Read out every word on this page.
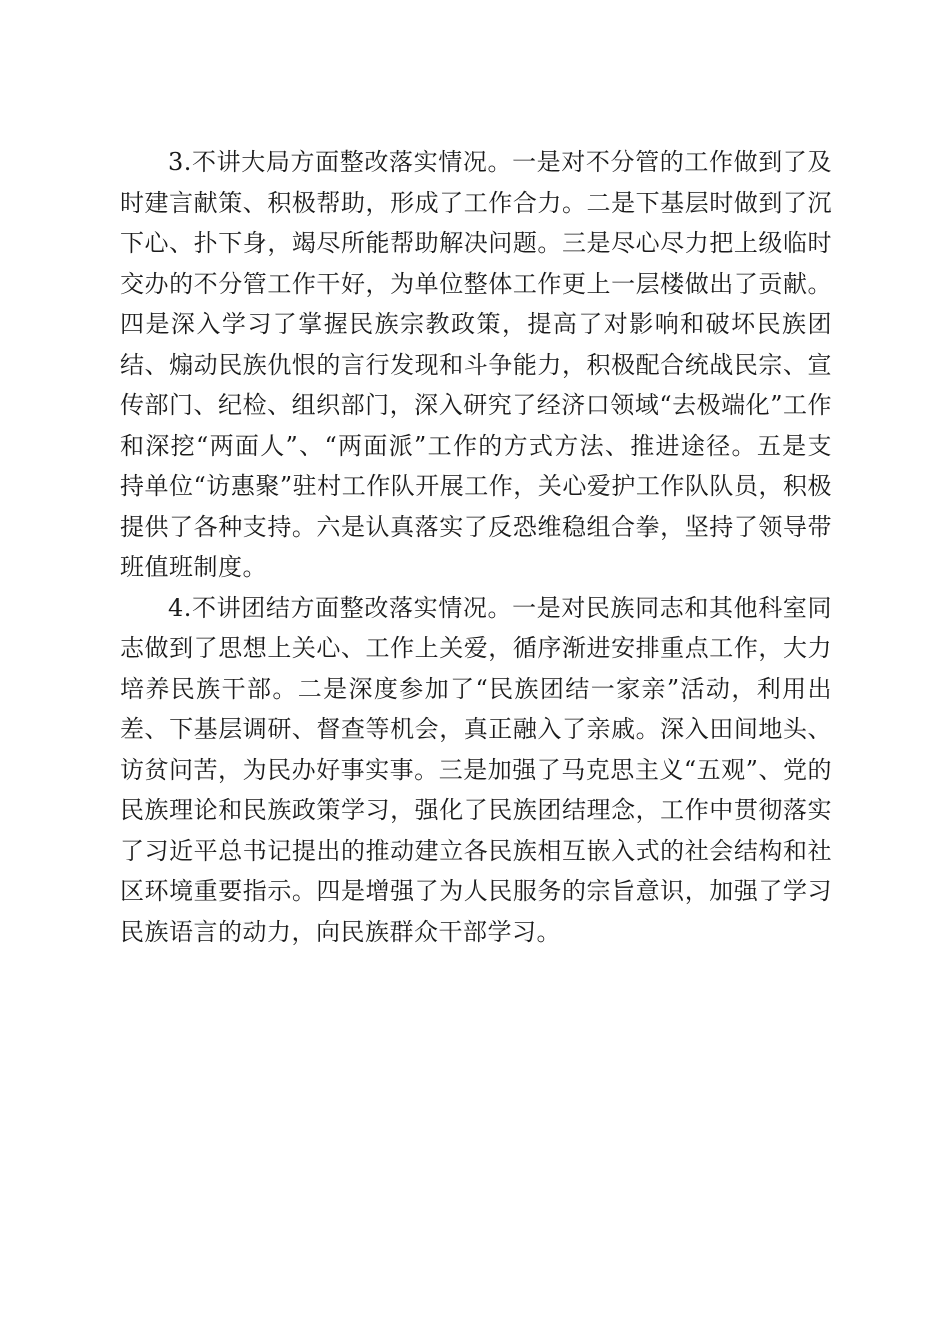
3.不讲大局方面整改落实情况。一是对不分管的工作做到了及时建言献策、积极帮助，形成了工作合力。二是下基层时做到了沉下心、扑下身，竭尽所能帮助解决问题。三是尽心尽力把上级临时交办的不分管工作干好，为单位整体工作更上一层楼做出了贡献。四是深入学习了掌握民族宗教政策，提高了对影响和破坏民族团结、煽动民族仇恨的言行发现和斗争能力，积极配合统战民宗、宣传部门、纪检、组织部门，深入研究了经济口领域“去极端化”工作和深挖“两面人”、“两面派”工作的方式方法、推进途径。五是支持单位“访惠聚”驻村工作队开展工作，关心爱护工作队队员，积极提供了各种支持。六是认真落实了反恐维稳组合拳，坚持了领导带班值班制度。

4.不讲团结方面整改落实情况。一是对民族同志和其他科室同志做到了思想上关心、工作上关爱，循序渐进安排重点工作，大力培养民族干部。二是深度参加了“民族团结一家亲”活动，利用出差、下基层调研、督查等机会，真正融入了亲戚。深入田间地头、访贫问苦，为民办好事实事。三是加强了马克思主义“五观”、党的民族理论和民族政策学习，强化了民族团结理念，工作中贯彻落实了习近平总书记提出的推动建立各民族相互嵌入式的社会结构和社区环境重要指示。四是增强了为人民服务的宗旨意识，加强了学习民族语言的动力，向民族群众干部学习。
